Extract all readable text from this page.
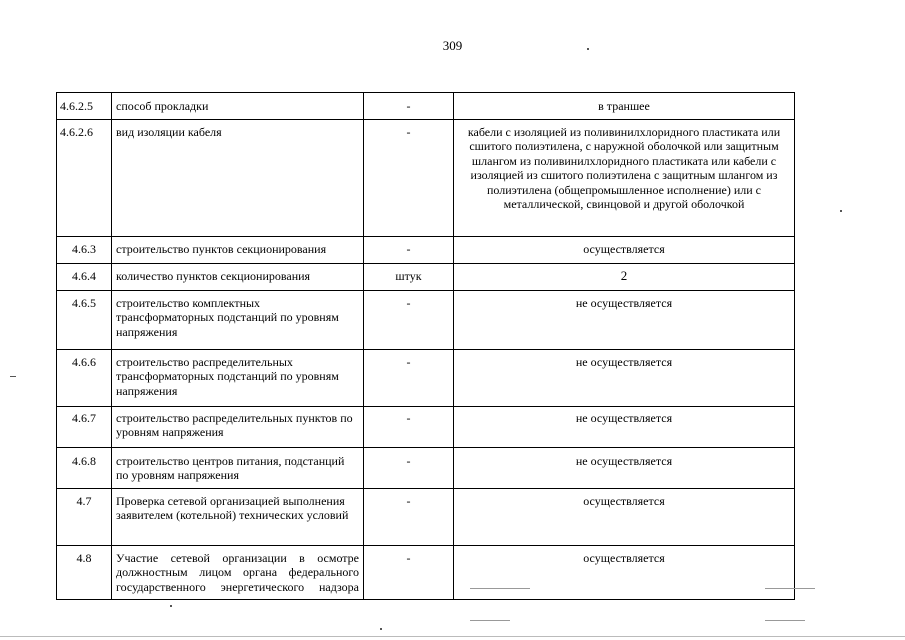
309
4.6.2.5	способ прокладки	-	в траншее
4.6.2.6	вид изоляции кабеля	-	кабели с изоляцией из поливинилхлоридного пластиката или сшитого полиэтилена, с наружной оболочкой или защитным шлангом из поливинилхлоридного пластиката или кабели с изоляцией из сшитого полиэтилена с защитным шлангом из полиэтилена (общепромышленное исполнение) или с металлической, свинцовой и другой оболочкой
4.6.3	строительство пунктов секционирования	-	осуществляется
4.6.4	количество пунктов секционирования	штук	2
4.6.5	строительство комплектных трансформаторных подстанций по уровням напряжения	-	не осуществляется
4.6.6	строительство распределительных трансформаторных подстанций по уровням напряжения	-	не осуществляется
4.6.7	строительство распределительных пунктов по уровням напряжения	-	не осуществляется
4.6.8	строительство центров питания, подстанций по уровням напряжения	-	не осуществляется
4.7	Проверка сетевой организацией выполнения заявителем (котельной) технических условий	-	осуществляется
4.8	Участие сетевой организации в осмотре должностным лицом органа федерального государственного энергетического надзора	-	осуществляется
